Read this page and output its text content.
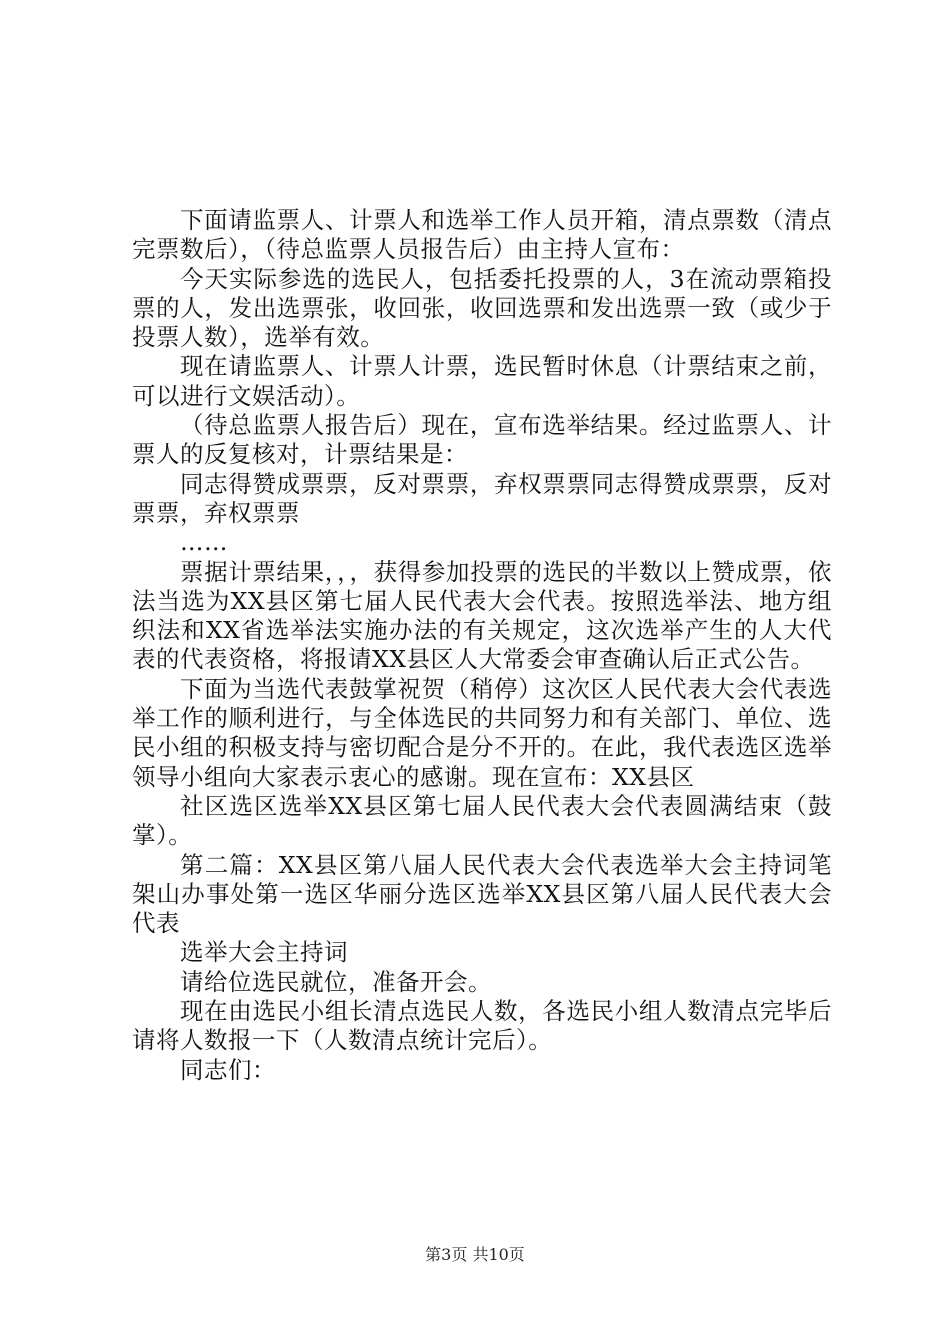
下面请监票人、计票人和选举工作人员开箱，清点票数（清点完票数后），（待总监票人员报告后）由主持人宣布：

今天实际参选的选民人，包括委托投票的人，3在流动票箱投票的人，发出选票张，收回张，收回选票和发出选票一致（或少于投票人数），选举有效。

现在请监票人、计票人计票，选民暂时休息（计票结束之前，可以进行文娱活动）。

（待总监票人报告后）现在，宣布选举结果。经过监票人、计票人的反复核对，计票结果是：

同志得赞成票票，反对票票，弃权票票同志得赞成票票，反对票票，弃权票票

……

票据计票结果，，，获得参加投票的选民的半数以上赞成票，依法当选为XX县区第七届人民代表大会代表。按照选举法、地方组织法和XX省选举法实施办法的有关规定，这次选举产生的人大代表的代表资格，将报请XX县区人大常委会审查确认后正式公告。

下面为当选代表鼓掌祝贺（稍停）这次区人民代表大会代表选举工作的顺利进行，与全体选民的共同努力和有关部门、单位、选民小组的积极支持与密切配合是分不开的。在此，我代表选区选举领导小组向大家表示衷心的感谢。现在宣布：XX县区

社区选区选举XX县区第七届人民代表大会代表圆满结束（鼓掌）。

第二篇：XX县区第八届人民代表大会代表选举大会主持词笔架山办事处第一选区华丽分选区选举XX县区第八届人民代表大会代表

选举大会主持词

请给位选民就位，准备开会。

现在由选民小组长清点选民人数，各选民小组人数清点完毕后请将人数报一下（人数清点统计完后）。

同志们：

第3页 共10页
